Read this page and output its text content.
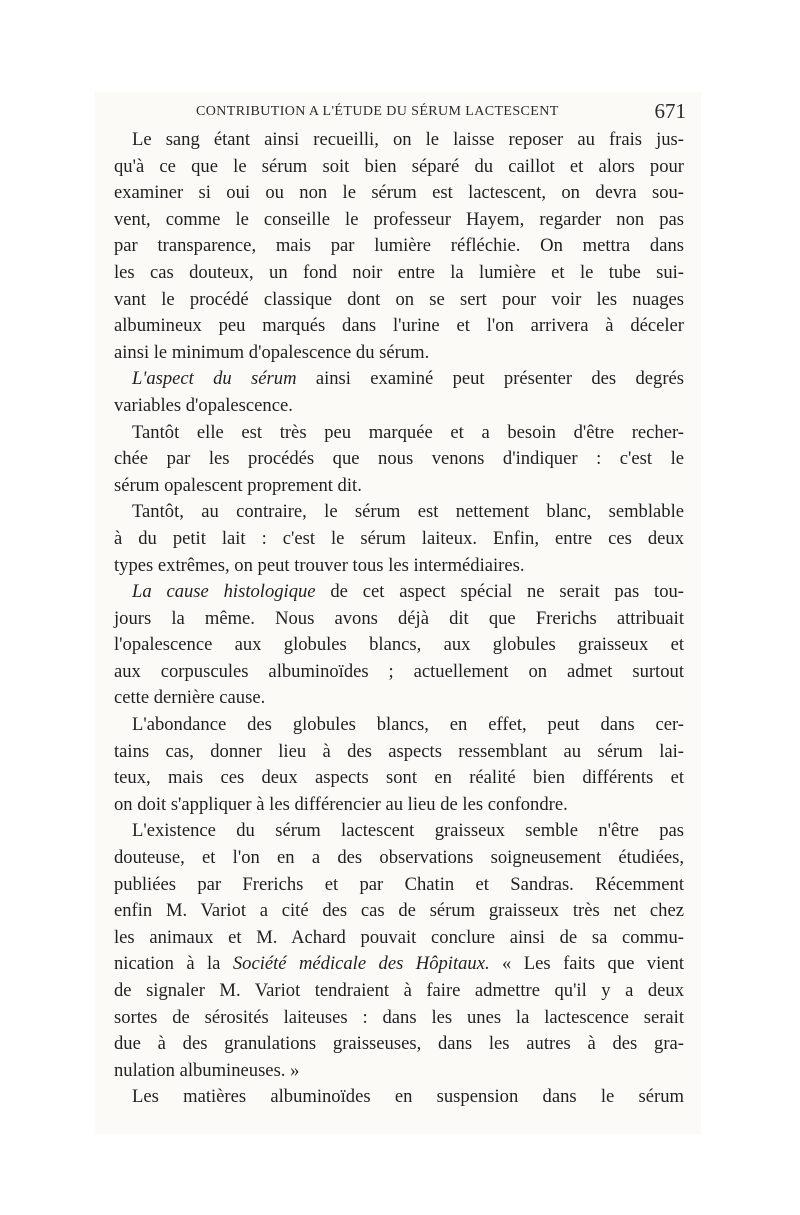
CONTRIBUTION A L'ÉTUDE DU SÉRUM LACTESCENT	671
Le sang étant ainsi recueilli, on le laisse reposer au frais jus-
qu'à ce que le sérum soit bien séparé du caillot et alors pour
examiner si oui ou non le sérum est lactescent, on devra sou-
vent, comme le conseille le professeur Hayem, regarder non pas
par transparence, mais par lumière réfléchie. On mettra dans
les cas douteux, un fond noir entre la lumière et le tube sui-
vant le procédé classique dont on se sert pour voir les nuages
albumineux peu marqués dans l'urine et l'on arrivera à déceler
ainsi le minimum d'opalescence du sérum.
L'aspect du sérum ainsi examiné peut présenter des degrés
variables d'opalescence.
Tantôt elle est très peu marquée et a besoin d'être recher-
chée par les procédés que nous venons d'indiquer : c'est le
sérum opalescent proprement dit.
Tantôt, au contraire, le sérum est nettement blanc, semblable
à du petit lait : c'est le sérum laiteux. Enfin, entre ces deux
types extrêmes, on peut trouver tous les intermédiaires.
La cause histologique de cet aspect spécial ne serait pas tou-
jours la même. Nous avons déjà dit que Frerichs attribuait
l'opalescence aux globules blancs, aux globules graisseux et
aux corpuscules albuminoïdes ; actuellement on admet surtout
cette dernière cause.
L'abondance des globules blancs, en effet, peut dans cer-
tains cas, donner lieu à des aspects ressemblant au sérum lai-
teux, mais ces deux aspects sont en réalité bien différents et
on doit s'appliquer à les différencier au lieu de les confondre.
L'existence du sérum lactescent graisseux semble n'être pas
douteuse, et l'on en a des observations soigneusement étudiées,
publiées par Frerichs et par Chatin et Sandras. Récemment
enfin M. Variot a cité des cas de sérum graisseux très net chez
les animaux et M. Achard pouvait conclure ainsi de sa commu-
nication à la Société médicale des Hôpitaux. « Les faits que vient
de signaler M. Variot tendraient à faire admettre qu'il y a deux
sortes de sérosités laiteuses : dans les unes la lactescence serait
due à des granulations graisseuses, dans les autres à des gra-
nulation albumineuses. »
Les matières albuminoïdes en suspension dans le sérum
